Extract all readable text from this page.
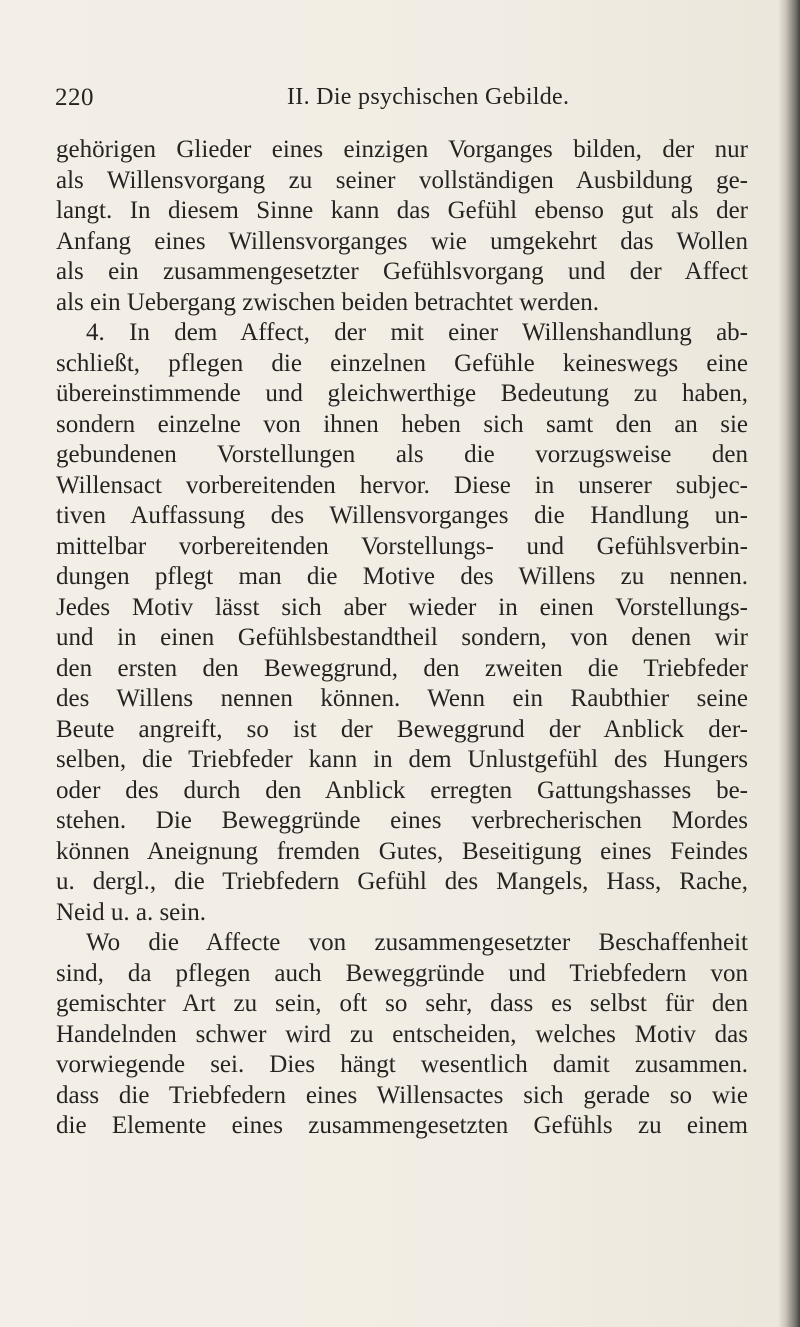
220	II. Die psychischen Gebilde.
gehörigen Glieder eines einzigen Vorganges bilden, der nur
als Willensvorgang zu seiner vollständigen Ausbildung ge-
langt. In diesem Sinne kann das Gefühl ebenso gut als der
Anfang eines Willensvorganges wie umgekehrt das Wollen
als ein zusammengesetzter Gefühlsvorgang und der Affect
als ein Uebergang zwischen beiden betrachtet werden.
4. In dem Affect, der mit einer Willenshandlung ab-
schließt, pflegen die einzelnen Gefühle keineswegs eine
übereinstimmende und gleichwerthige Bedeutung zu haben,
sondern einzelne von ihnen heben sich samt den an sie
gebundenen Vorstellungen als die vorzugsweise den
Willensact vorbereitenden hervor. Diese in unserer subjec-
tiven Auffassung des Willensvorganges die Handlung un-
mittelbar vorbereitenden Vorstellungs- und Gefühlsverbin-
dungen pflegt man die Motive des Willens zu nennen.
Jedes Motiv lässt sich aber wieder in einen Vorstellungs-
und in einen Gefühlsbestandtheil sondern, von denen wir
den ersten den Beweggrund, den zweiten die Triebfeder
des Willens nennen können. Wenn ein Raubthier seine
Beute angreift, so ist der Beweggrund der Anblick der-
selben, die Triebfeder kann in dem Unlustgefühl des Hungers
oder des durch den Anblick erregten Gattungshasses be-
stehen. Die Beweggründe eines verbrecherischen Mordes
können Aneignung fremden Gutes, Beseitigung eines Feindes
u. dergl., die Triebfedern Gefühl des Mangels, Hass, Rache,
Neid u. a. sein.
Wo die Affecte von zusammengesetzter Beschaffenheit
sind, da pflegen auch Beweggründe und Triebfedern von
gemischter Art zu sein, oft so sehr, dass es selbst für den
Handelnden schwer wird zu entscheiden, welches Motiv das
vorwiegende sei. Dies hängt wesentlich damit zusammen.
dass die Triebfedern eines Willensactes sich gerade so wie
die Elemente eines zusammengesetzten Gefühls zu einem
